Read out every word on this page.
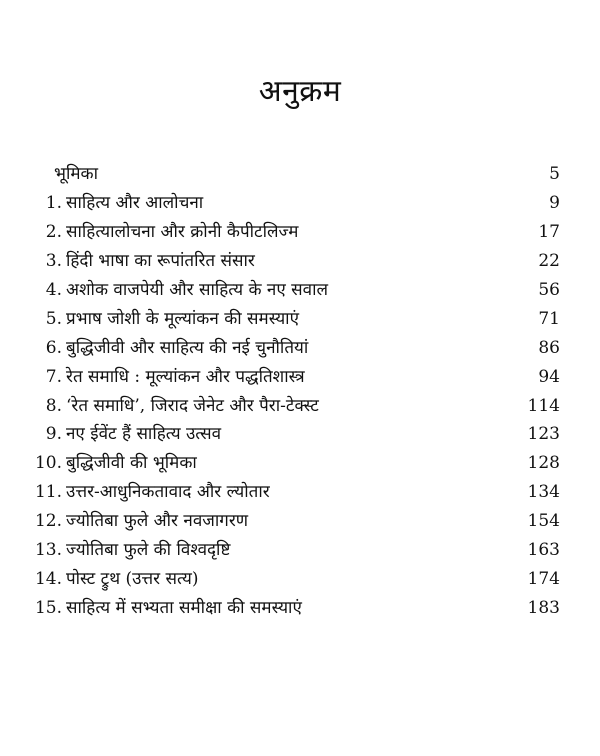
अनुक्रम
भूमिका	5
1. साहित्य और आलोचना	9
2. साहित्यालोचना और क्रोनी कैपीटलिज्म	17
3. हिंदी भाषा का रूपांतरित संसार	22
4. अशोक वाजपेयी और साहित्य के नए सवाल	56
5. प्रभाष जोशी के मूल्यांकन की समस्याएं	71
6. बुद्धिजीवी और साहित्य की नई चुनौतियां	86
7. रेत समाधि : मूल्यांकन और पद्धतिशास्त्र	94
8. ‘रेत समाधि’, जिराद जेनेट और पैरा-टेक्स्ट	114
9. नए ईवेंट हैं साहित्य उत्सव	123
10. बुद्धिजीवी की भूमिका	128
11. उत्तर-आधुनिकतावाद और ल्योतार	134
12. ज्योतिबा फुले और नवजागरण	154
13. ज्योतिबा फुले की विश्वदृष्टि	163
14. पोस्ट ट्रुथ (उत्तर सत्य)	174
15. साहित्य में सभ्यता समीक्षा की समस्याएं	183
